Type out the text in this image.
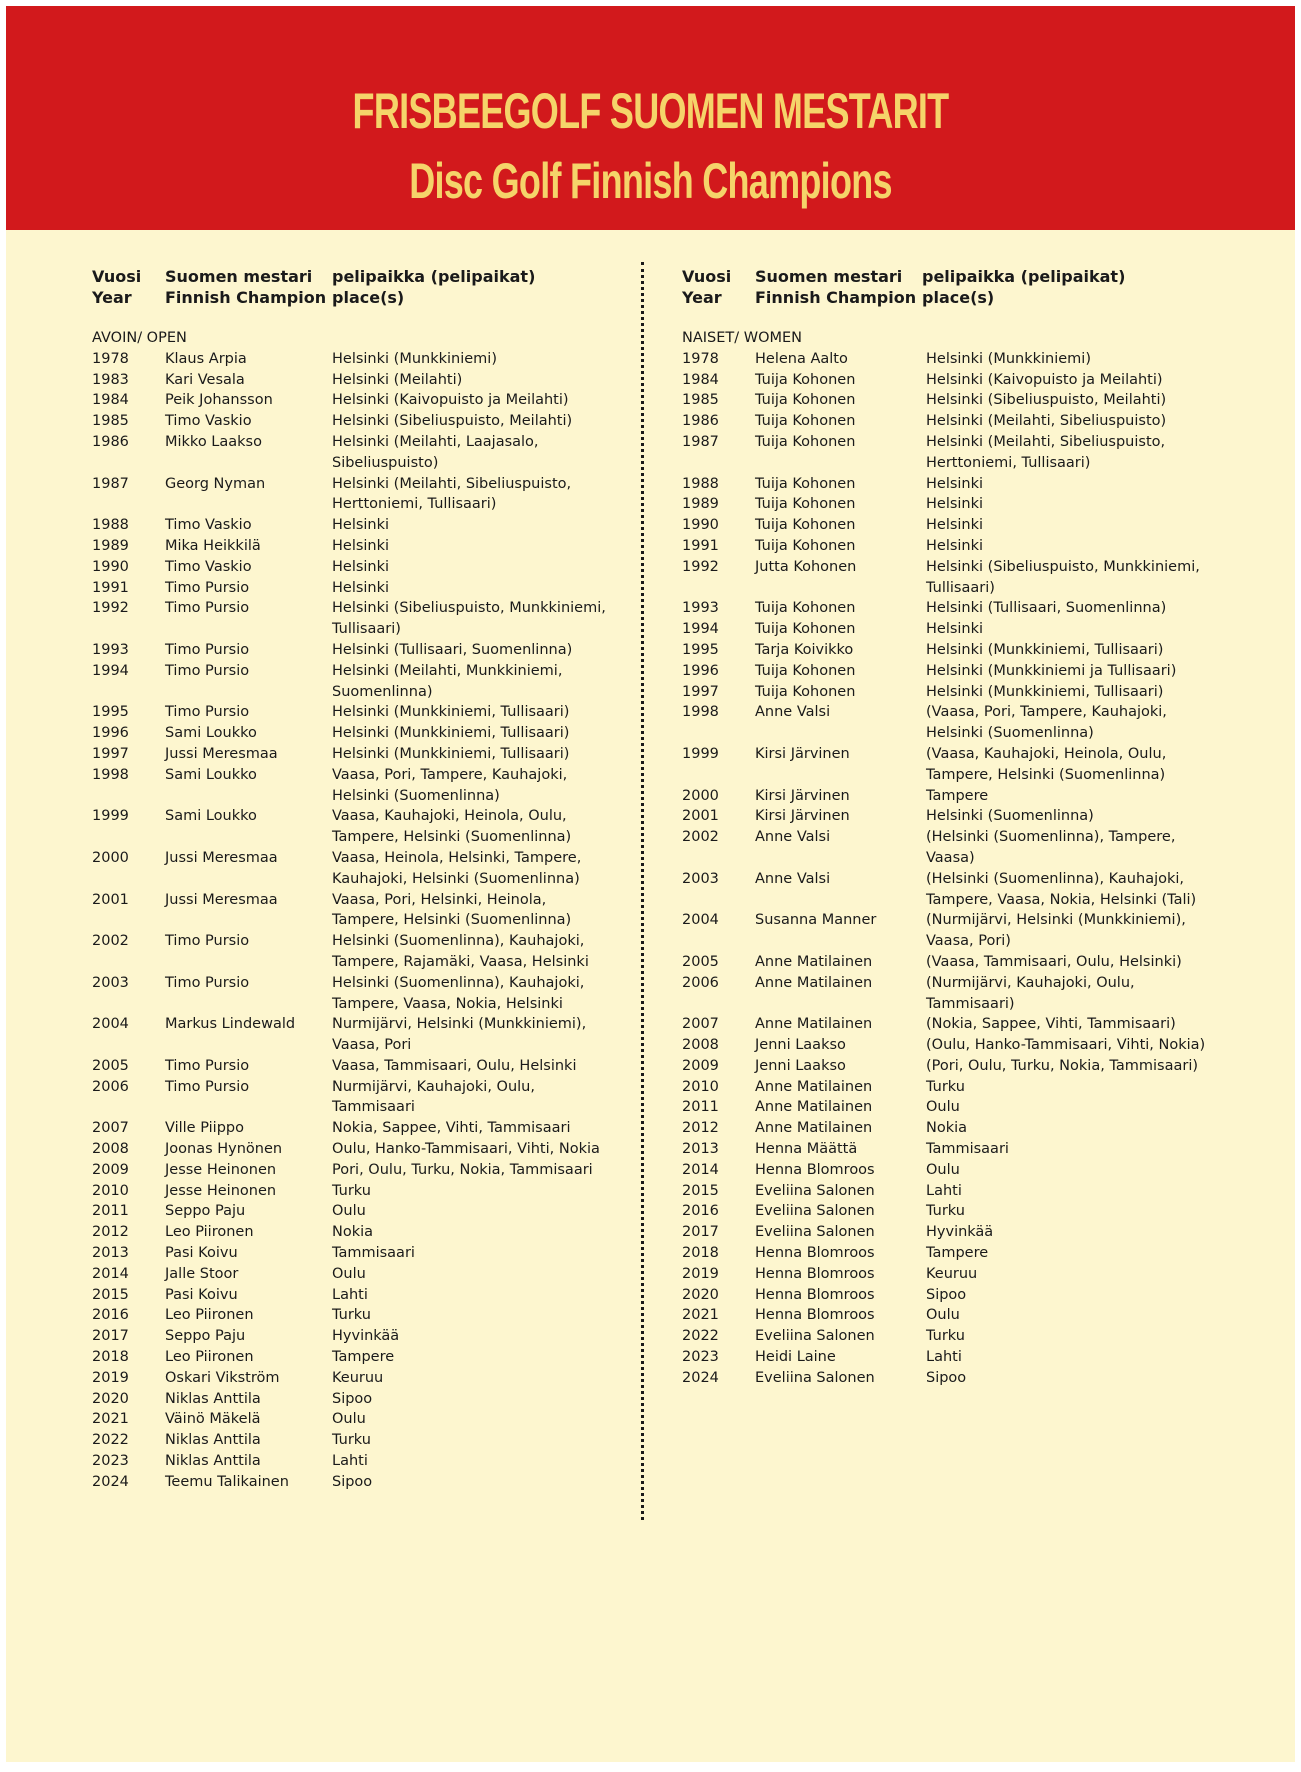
FRISBEEGOLF SUOMEN MESTARIT
Disc Golf Finnish Champions
Vuosi
Year
Suomen mestari
Finnish Champion
pelipaikka (pelipaikat)
place(s)
AVOIN/ OPEN
1978 Klaus Arpia	Helsinki (Munkkiniemi)
1983 Kari Vesala	Helsinki (Meilahti)
1984 Peik Johansson	Helsinki (Kaivopuisto ja Meilahti)
1985 Timo Vaskio	Helsinki (Sibeliuspuisto, Meilahti)
1986 Mikko Laakso	Helsinki (Meilahti, Laajasalo, Sibeliuspuisto)
1987 Georg Nyman	Helsinki (Meilahti, Sibeliuspuisto, Herttoniemi, Tullisaari)
1988 Timo Vaskio	Helsinki
1989 Mika Heikkilä	Helsinki
1990 Timo Vaskio	Helsinki
1991 Timo Pursio	Helsinki
1992 Timo Pursio	Helsinki (Sibeliuspuisto, Munkkiniemi, Tullisaari)
1993 Timo Pursio	Helsinki (Tullisaari, Suomenlinna)
1994 Timo Pursio	Helsinki (Meilahti, Munkkiniemi, Suomenlinna)
1995 Timo Pursio	Helsinki (Munkkiniemi, Tullisaari)
1996 Sami Loukko	Helsinki (Munkkiniemi, Tullisaari)
1997 Jussi Meresmaa	Helsinki (Munkkiniemi, Tullisaari)
1998 Sami Loukko	Vaasa, Pori, Tampere, Kauhajoki, Helsinki (Suomenlinna)
1999 Sami Loukko	Vaasa, Kauhajoki, Heinola, Oulu, Tampere, Helsinki (Suomenlinna)
2000 Jussi Meresmaa	Vaasa, Heinola, Helsinki, Tampere, Kauhajoki, Helsinki (Suomenlinna)
2001 Jussi Meresmaa	Vaasa, Pori, Helsinki, Heinola, Tampere, Helsinki (Suomenlinna)
2002 Timo Pursio	Helsinki (Suomenlinna), Kauhajoki, Tampere, Rajamäki, Vaasa, Helsinki
2003 Timo Pursio	Helsinki (Suomenlinna), Kauhajoki, Tampere, Vaasa, Nokia, Helsinki
2004 Markus Lindewald	Nurmijärvi, Helsinki (Munkkiniemi), Vaasa, Pori
2005 Timo Pursio	Vaasa, Tammisaari, Oulu, Helsinki
2006 Timo Pursio	Nurmijärvi, Kauhajoki, Oulu, Tammisaari
2007 Ville Piippo	Nokia, Sappee, Vihti, Tammisaari
2008 Joonas Hynönen	Oulu, Hanko-Tammisaari, Vihti, Nokia
2009 Jesse Heinonen	Pori, Oulu, Turku, Nokia, Tammisaari
2010 Jesse Heinonen	Turku
2011 Seppo Paju	Oulu
2012 Leo Piironen	Nokia
2013 Pasi Koivu	Tammisaari
2014 Jalle Stoor	Oulu
2015 Pasi Koivu	Lahti
2016 Leo Piironen	Turku
2017 Seppo Paju	Hyvinkää
2018 Leo Piironen	Tampere
2019 Oskari Vikström	Keuruu
2020 Niklas Anttila	Sipoo
2021 Väinö Mäkelä	Oulu
2022 Niklas Anttila	Turku
2023 Niklas Anttila	Lahti
2024 Teemu Talikainen	Sipoo
Vuosi
Year
Suomen mestari
Finnish Champion
pelipaikka (pelipaikat)
place(s)
NAISET/ WOMEN
1978 Helena Aalto	Helsinki (Munkkiniemi)
1984 Tuija Kohonen	Helsinki (Kaivopuisto ja Meilahti)
1985 Tuija Kohonen	Helsinki (Sibeliuspuisto, Meilahti)
1986 Tuija Kohonen	Helsinki (Meilahti, Sibeliuspuisto)
1987 Tuija Kohonen	Helsinki (Meilahti, Sibeliuspuisto, Herttoniemi, Tullisaari)
1988 Tuija Kohonen	Helsinki
1989 Tuija Kohonen	Helsinki
1990 Tuija Kohonen	Helsinki
1991 Tuija Kohonen	Helsinki
1992 Jutta Kohonen	Helsinki (Sibeliuspuisto, Munkkiniemi, Tullisaari)
1993 Tuija Kohonen	Helsinki (Tullisaari, Suomenlinna)
1994 Tuija Kohonen	Helsinki
1995 Tarja Koivikko	Helsinki (Munkkiniemi, Tullisaari)
1996 Tuija Kohonen	Helsinki (Munkkiniemi ja Tullisaari)
1997 Tuija Kohonen	Helsinki (Munkkiniemi, Tullisaari)
1998 Anne Valsi	(Vaasa, Pori, Tampere, Kauhajoki, Helsinki (Suomenlinna)
1999 Kirsi Järvinen	(Vaasa, Kauhajoki, Heinola, Oulu, Tampere, Helsinki (Suomenlinna)
2000 Kirsi Järvinen	Tampere
2001 Kirsi Järvinen	Helsinki (Suomenlinna)
2002 Anne Valsi	(Helsinki (Suomenlinna), Tampere, Vaasa)
2003 Anne Valsi	(Helsinki (Suomenlinna), Kauhajoki, Tampere, Vaasa, Nokia, Helsinki (Tali)
2004 Susanna Manner	(Nurmijärvi, Helsinki (Munkkiniemi), Vaasa, Pori)
2005 Anne Matilainen	(Vaasa, Tammisaari, Oulu, Helsinki)
2006 Anne Matilainen	(Nurmijärvi, Kauhajoki, Oulu, Tammisaari)
2007 Anne Matilainen	(Nokia, Sappee, Vihti, Tammisaari)
2008 Jenni Laakso	(Oulu, Hanko-Tammisaari, Vihti, Nokia)
2009 Jenni Laakso	(Pori, Oulu, Turku, Nokia, Tammisaari)
2010 Anne Matilainen	Turku
2011 Anne Matilainen	Oulu
2012 Anne Matilainen	Nokia
2013 Henna Määttä	Tammisaari
2014 Henna Blomroos	Oulu
2015 Eveliina Salonen	Lahti
2016 Eveliina Salonen	Turku
2017 Eveliina Salonen	Hyvinkää
2018 Henna Blomroos	Tampere
2019 Henna Blomroos	Keuruu
2020 Henna Blomroos	Sipoo
2021 Henna Blomroos	Oulu
2022 Eveliina Salonen	Turku
2023 Heidi Laine	Lahti
2024 Eveliina Salonen	Sipoo
